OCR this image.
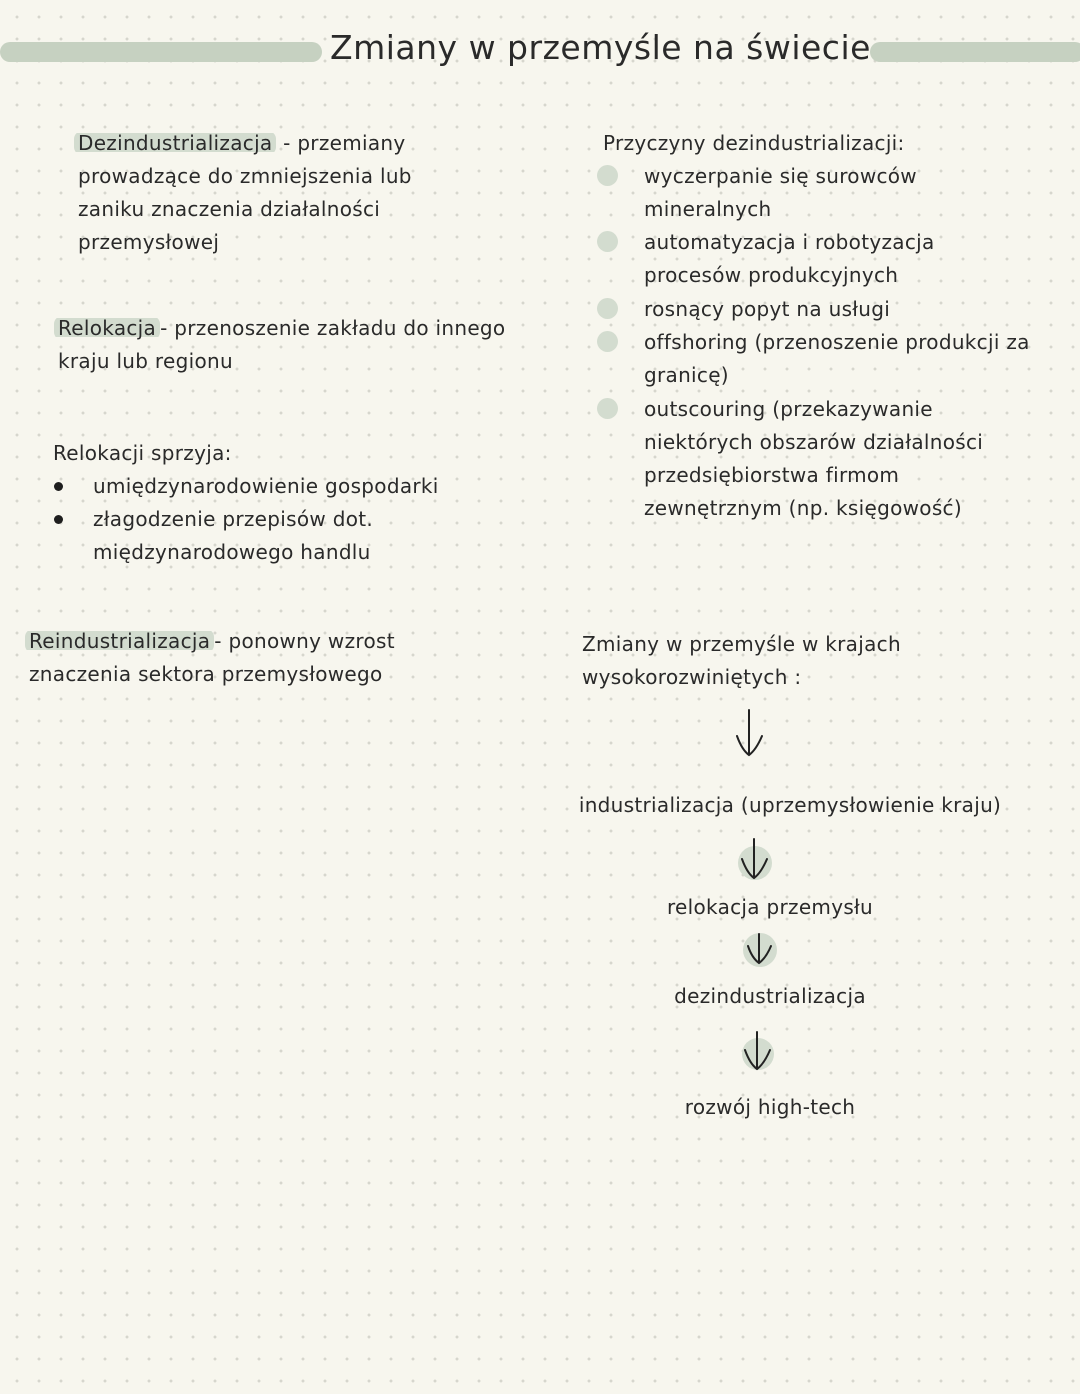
Zmiany w przemyśle na świecie
Dezindustrializacja - przemiany
prowadzące do zmniejszenia lub
zaniku znaczenia działalności
przemysłowej
Relokacja - przenoszenie zakładu do innego
kraju lub regionu
Relokacji sprzyja:
umiędzynarodowienie gospodarki
złagodzenie przepisów dot.
międzynarodowego handlu
Reindustrializacja - ponowny wzrost
znaczenia sektora przemysłowego
Przyczyny dezindustrializacji:
wyczerpanie się surowców
mineralnych
automatyzacja i robotyzacja
procesów produkcyjnych
rosnący popyt na usługi
offshoring (przenoszenie produkcji za
granicę)
outscouring (przekazywanie
niektórych obszarów działalności
przedsiębiorstwa firmom
zewnętrznym (np. księgowość)
Zmiany w przemyśle w krajach
wysokorozwiniętych :
industrializacja (uprzemysłowienie kraju)
relokacja przemysłu
dezindustrializacja
rozwój high-tech
